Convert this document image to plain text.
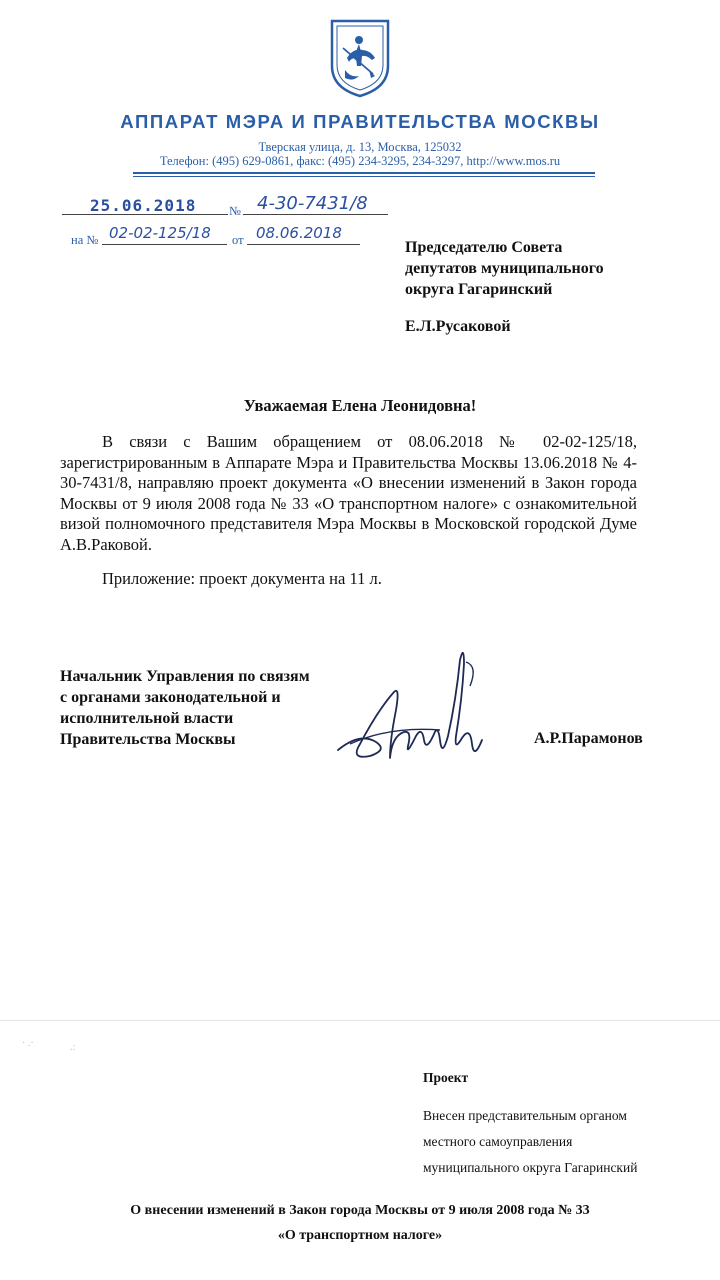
АППАРАТ МЭРА И ПРАВИТЕЛЬСТВА МОСКВЫ
Тверская улица, д. 13, Москва, 125032
Телефон: (495) 629-0861, факс: (495) 234-3295, 234-3297, http://www.mos.ru
25.06.2018	№ 4-30-7431/8
на № 02-02-125/18 от 08.06.2018
Председателю Совета
депутатов муниципального
округа Гагаринский
Е.Л.Русаковой
Уважаемая Елена Леонидовна!
В связи с Вашим обращением от 08.06.2018 № 02-02-125/18, зарегистрированным в Аппарате Мэра и Правительства Москвы 13.06.2018 № 4-30-7431/8, направляю проект документа «О внесении изменений в Закон города Москвы от 9 июля 2008 года № 33 «О транспортном налоге» с ознакомительной визой полномочного представителя Мэра Москвы в Московской городской Думе А.В.Раковой.
Приложение: проект документа на 11 л.
Начальник Управления по связям
с органами законодательной и
исполнительной власти
Правительства Москвы	А.Р.Парамонов
· .·	.:
Проект
Внесен представительным органом
местного самоуправления
муниципального округа Гагаринский
О внесении изменений в Закон города Москвы от 9 июля 2008 года № 33
«О транспортном налоге»
